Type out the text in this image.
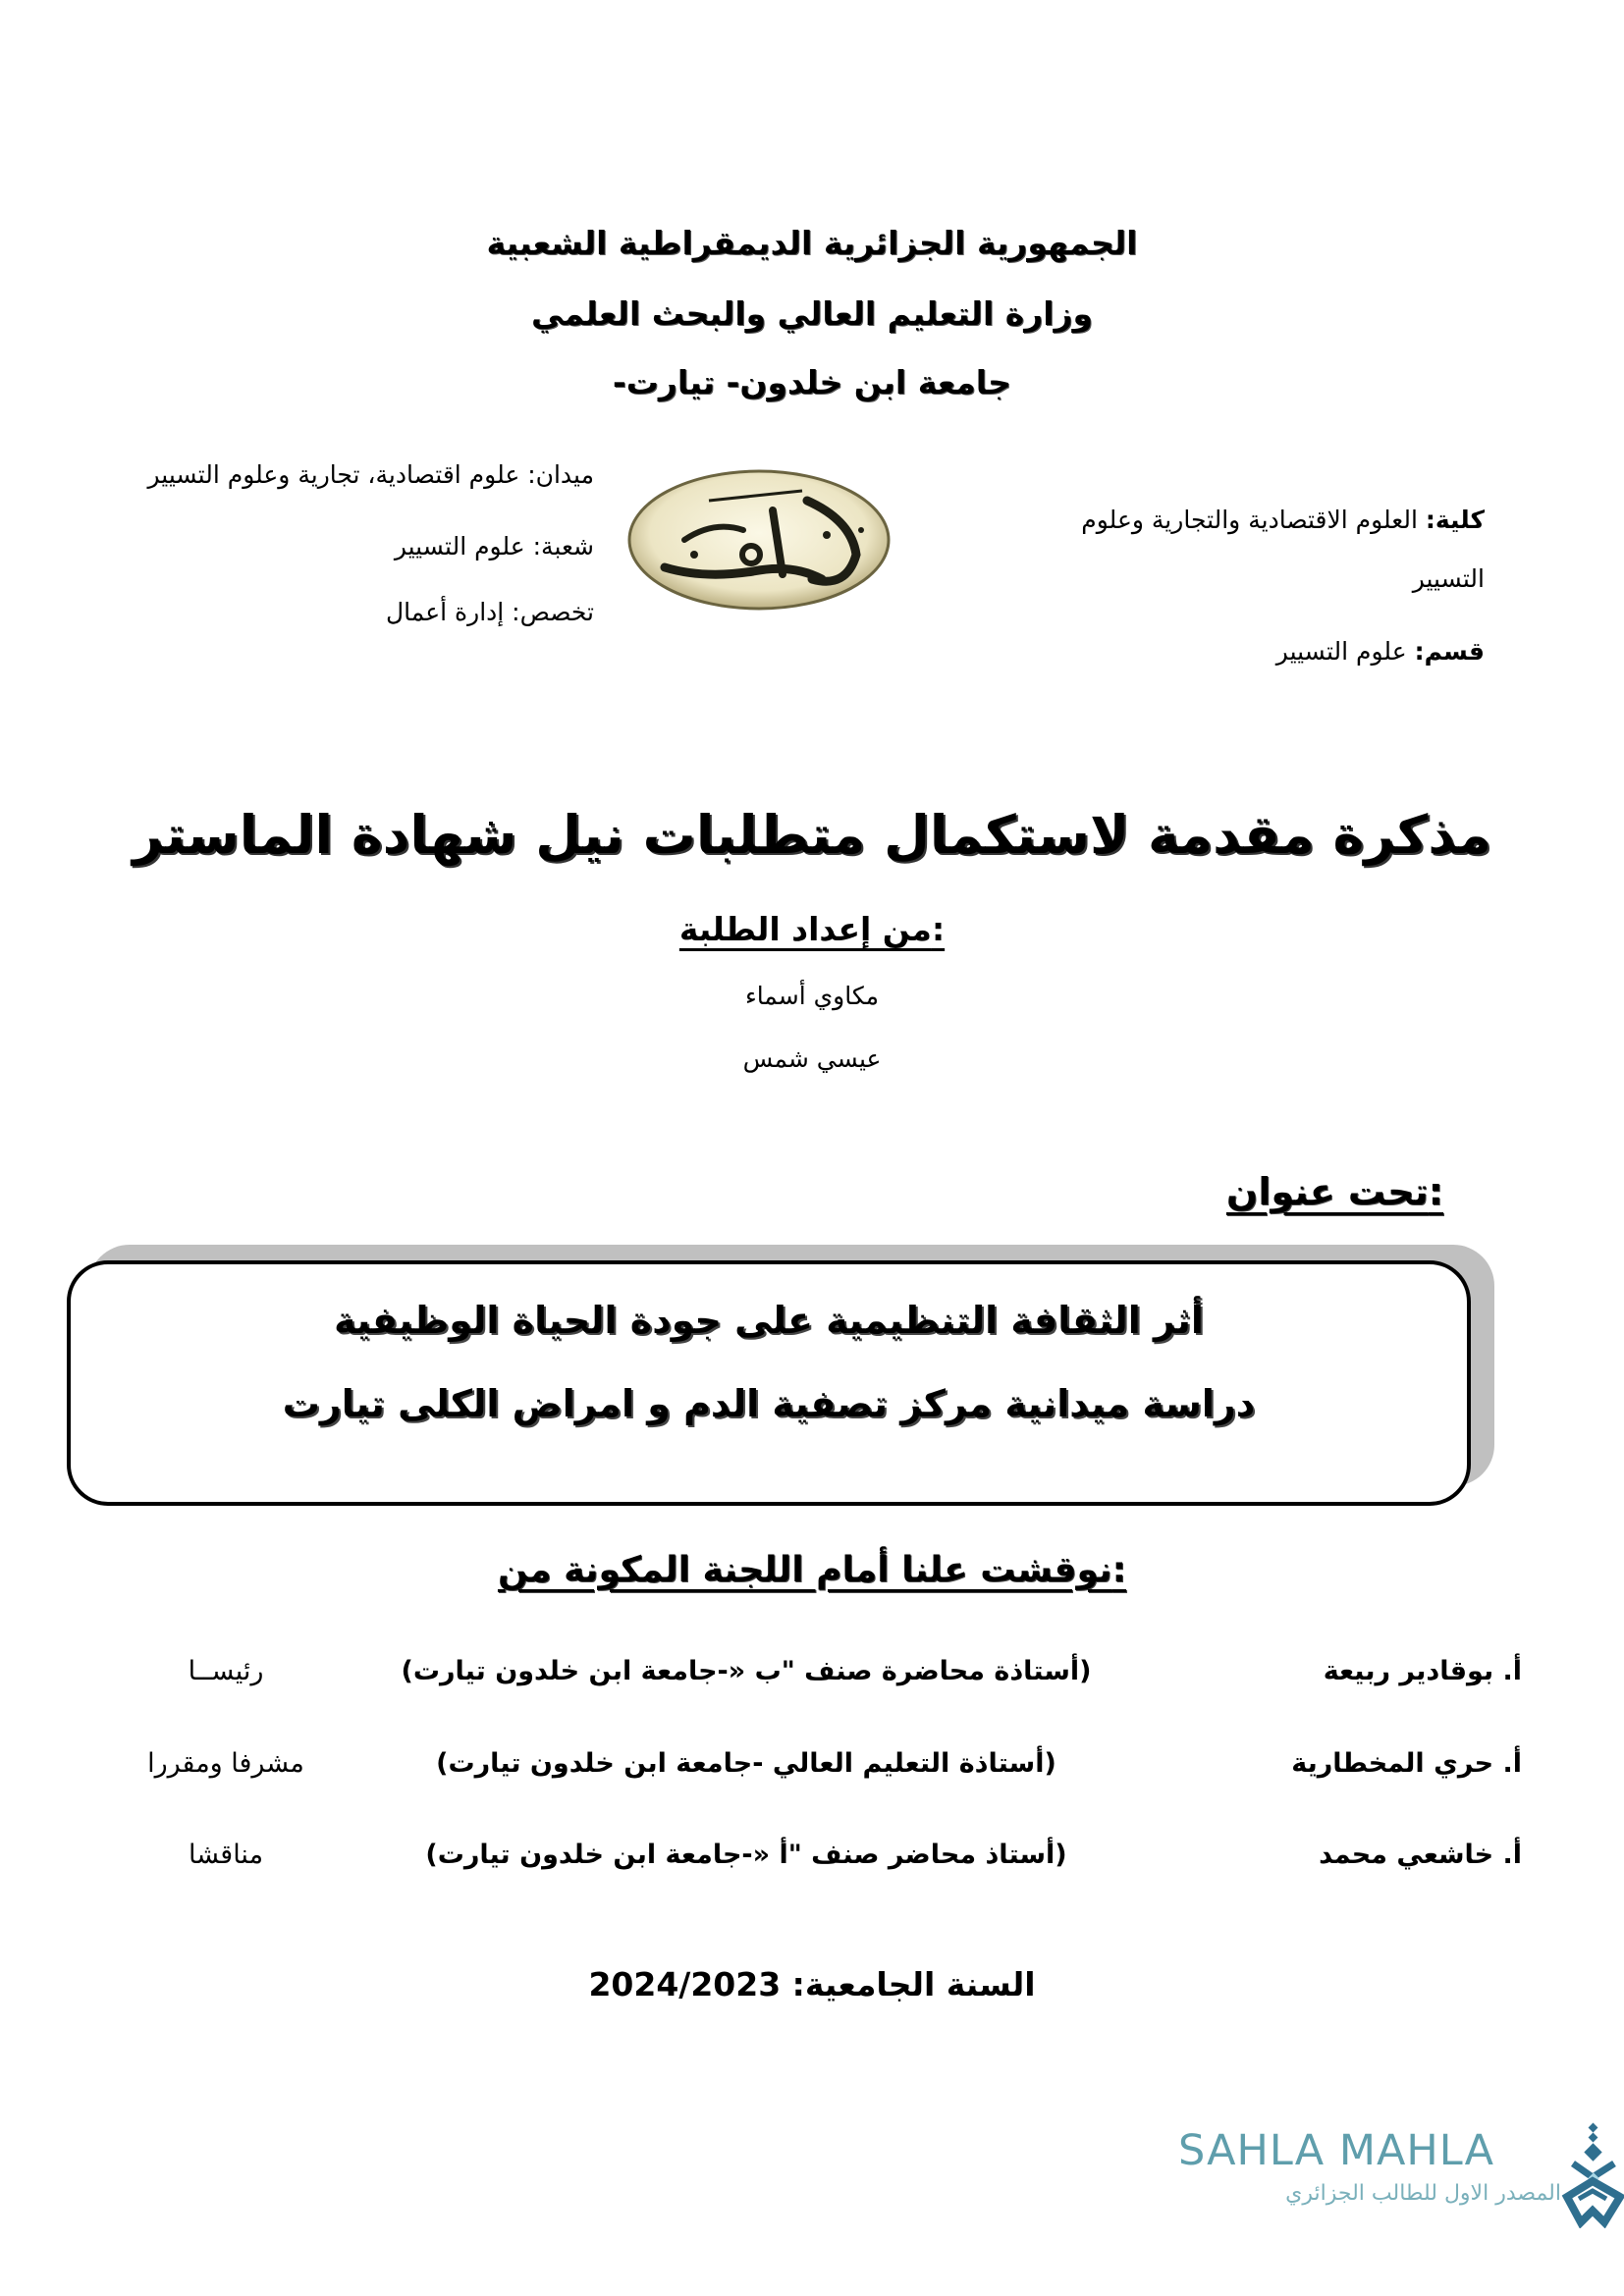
الجمهورية الجزائرية الديمقراطية الشعبية
وزارة التعليم العالي والبحث العلمي
جامعة ابن خلدون- تيارت-
ميدان: علوم اقتصادية، تجارية وعلوم التسيير
شعبة: علوم التسيير
تخصص: إدارة أعمال
كلية: العلوم الاقتصادية والتجارية وعلوم
التسيير
قسم: علوم التسيير
مذكرة مقدمة لاستكمال متطلبات نيل شهادة الماستر
من إعداد الطلبة:
مكاوي أسماء
عيسي شمس
تحت عنوان:
أثر الثقافة التنظيمية على جودة الحياة الوظيفية
دراسة ميدانية مركز تصفية الدم و امراض الكلى تيارت
نوقشت علنا أمام اللجنة المكونة من:
أ. بوقادير ربيعة
(أستاذة محاضرة صنف "ب «-جامعة ابن خلدون تيارت)
رئيســا
أ. حري المخطارية
(أستاذة التعليم العالي -جامعة ابن خلدون تيارت)
مشرفا ومقررا
أ. خاشعي محمد
(أستاذ محاضر صنف "أ «-جامعة ابن خلدون تيارت)
مناقشا
السنة الجامعية: 2024/2023
SAHLA MAHLA
المصدر الاول للطالب الجزائري
